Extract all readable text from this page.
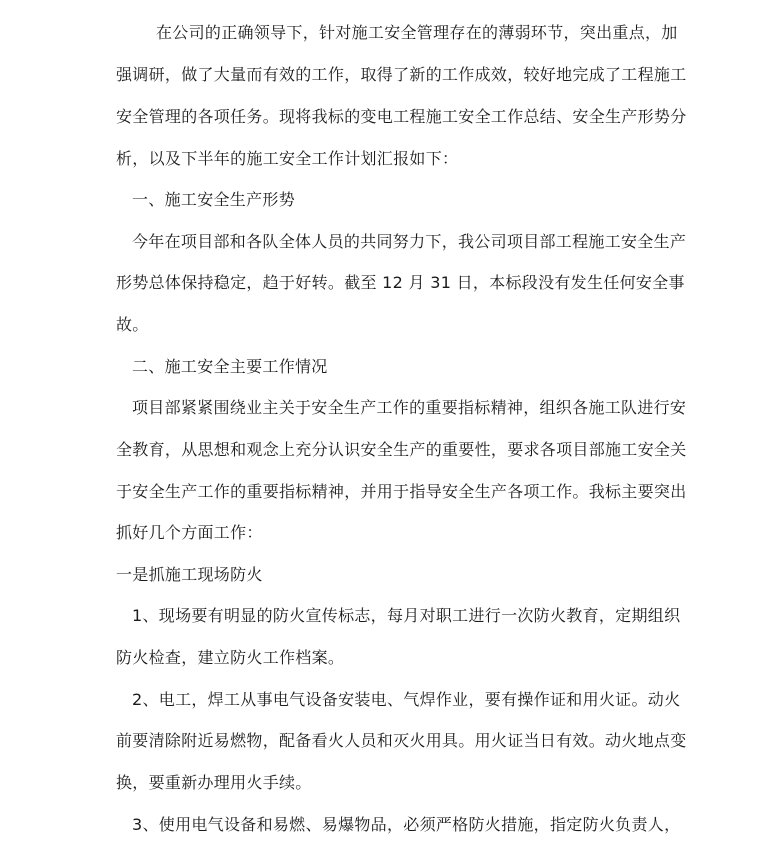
在公司的正确领导下，针对施工安全管理存在的薄弱环节，突出重点，加
强调研，做了大量而有效的工作，取得了新的工作成效，较好地完成了工程施工
安全管理的各项任务。现将我标的变电工程施工安全工作总结、安全生产形势分
析，以及下半年的施工安全工作计划汇报如下：
一、施工安全生产形势
今年在项目部和各队全体人员的共同努力下，我公司项目部工程施工安全生产
形势总体保持稳定，趋于好转。截至 12 月 31 日，本标段没有发生任何安全事
故。
二、施工安全主要工作情况
项目部紧紧围绕业主关于安全生产工作的重要指标精神，组织各施工队进行安
全教育，从思想和观念上充分认识安全生产的重要性，要求各项目部施工安全关
于安全生产工作的重要指标精神，并用于指导安全生产各项工作。我标主要突出
抓好几个方面工作：
一是抓施工现场防火
1、现场要有明显的防火宣传标志，每月对职工进行一次防火教育，定期组织
防火检查，建立防火工作档案。
2、电工，焊工从事电气设备安装电、气焊作业，要有操作证和用火证。动火
前要清除附近易燃物，配备看火人员和灭火用具。用火证当日有效。动火地点变
换，要重新办理用火手续。
3、使用电气设备和易燃、易爆物品，必须严格防火措施，指定防火负责人，
